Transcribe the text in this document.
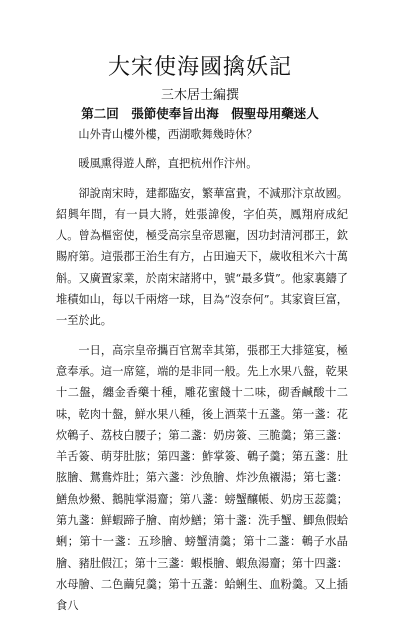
大宋使海國擒妖記
三木居士編撰
第二回　張節使奉旨出海　假聖母用藥迷人

山外青山樓外樓，西湖歌舞幾時休？

暖風熏得遊人醉，直把杭州作汴州。

卻說南宋時，建都臨安，繁華富貴，不減那汴京故國。紹興年間，有一員大將，姓張諱俊，字伯英，鳳翔府成紀人。曾為樞密使，極受高宗皇帝恩寵，因功封清河郡王，欽賜府第。這張郡王治生有方，占田遍天下，歲收租米六十萬斛。又廣置家業，於南宋諸將中，號“最多貲”。他家裏鑄了堆積如山，每以千兩熔一球，目為“沒奈何”。其家資巨富，一至於此。

一日，高宗皇帝攜百官駕幸其第，張郡王大排筵宴，極意奉承。這一席筵，端的是非同一般。先上水果八盤，乾果十二盤，纏金香藥十種，雕花蜜餞十二味，砌香鹹酸十二味，乾肉十盤，鮮水果八種，後上酒菜十五盞。第一盞：花炊鵪子、荔枝白腰子；第二盞：奶房簽、三脆羹；第三盞：羊舌簽、萌芽肚胘；第四盞：鮓掌簽、鵪子羹；第五盞：肚胘膾、鴛鴦炸肚；第六盞：沙魚膾、炸沙魚襯湯；第七盞：鱔魚炒鱟、鵝肫掌湯齏；第八盞：螃蟹釀帳、奶房玉蕊羹；第九盞：鮮蝦蹄子膾、南炒鱔；第十盞：洗手蟹、鯽魚假蛤蜊；第十一盞：五珍膾、螃蟹清羹；第十二盞：鵪子水晶膾、豬肚假江；第十三盞：蝦棖膾、蝦魚湯齏；第十四盞：水母膾、二色繭兒羹；第十五盞：蛤蜊生、血粉羹。又上插食八
